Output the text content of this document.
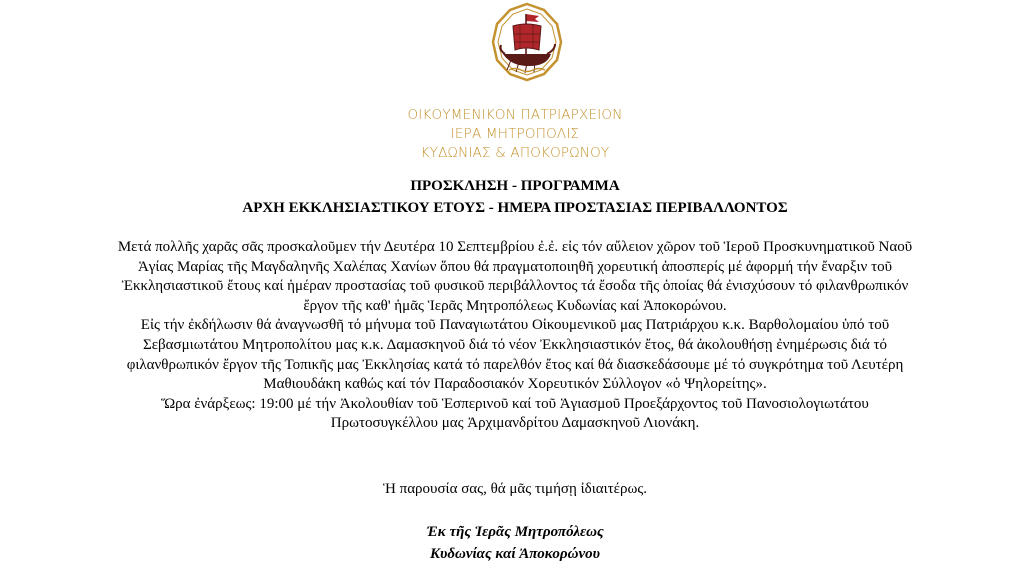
ΟΙΚΟΥΜΕΝΙΚΟΝ ΠΑΤΡΙΑΡΧΕΙΟΝ
ΙΕΡΑ ΜΗΤΡΟΠΟΛΙΣ
ΚΥΔΩΝΙΑΣ & ΑΠΟΚΟΡΩΝΟΥ
ΠΡΟΣΚΛΗΣΗ - ΠΡΟΓΡΑΜΜΑ
ΑΡΧΗ ΕΚΚΛΗΣΙΑΣΤΙΚΟΥ ΕΤΟΥΣ - ΗΜΕΡΑ ΠΡΟΣΤΑΣΙΑΣ ΠΕΡΙΒΑΛΛΟΝΤΟΣ
Μετά πολλῆς χαρᾶς σᾶς προσκαλοῦμεν τήν Δευτέρα 10 Σεπτεμβρίου ἐ.ἐ. εἰς τόν αὔλειον χῶρον τοῦ Ἱεροῦ Προσκυνηματικοῦ Ναοῦ
Ἁγίας Μαρίας τῆς Μαγδαληνῆς Χαλέπας Χανίων ὅπου θά πραγματοποιηθῆ χορευτική ἀποσπερίς μέ ἀφορμή τήν ἔναρξιν τοῦ
Ἐκκλησιαστικοῦ ἔτους καί ἡμέραν προστασίας τοῦ φυσικοῦ περιβάλλοντος τά ἔσοδα τῆς ὁποίας θά ἐνισχύσουν τό φιλανθρωπικόν
ἔργον τῆς καθ' ἡμᾶς Ἱερᾶς Μητροπόλεως Κυδωνίας καί Ἀποκορώνου.
Εἰς τήν ἐκδήλωσιν θά ἀναγνωσθῆ τό μήνυμα τοῦ Παναγιωτάτου Οἰκουμενικοῦ μας Πατριάρχου κ.κ. Βαρθολομαίου ὑπό τοῦ
Σεβασμιωτάτου Μητροπολίτου μας κ.κ. Δαμασκηνοῦ διά τό νέον Ἐκκλησιαστικόν ἔτος, θά ἀκολουθήσῃ ἐνημέρωσις διά τό
φιλανθρωπικόν ἔργον τῆς Τοπικῆς μας Ἐκκλησίας κατά τό παρελθόν ἔτος καί θά διασκεδάσουμε μέ τό συγκρότημα τοῦ Λευτέρη
Μαθιουδάκη καθώς καί τόν Παραδοσιακόν Χορευτικόν Σύλλογον «ὁ Ψηλορείτης».
Ὥρα ἐνάρξεως: 19:00 μέ τήν Ἀκολουθίαν τοῦ Ἑσπερινοῦ καί τοῦ Ἁγιασμοῦ Προεξάρχοντος τοῦ Πανοσιολογιωτάτου
Πρωτοσυγκέλλου μας Ἀρχιμανδρίτου Δαμασκηνοῦ Λιονάκη.
Ἡ παρουσία σας, θά μᾶς τιμήσῃ ἰδιαιτέρως.
Ἐκ τῆς Ἱερᾶς Μητροπόλεως
Κυδωνίας καί Ἀποκορώνου
